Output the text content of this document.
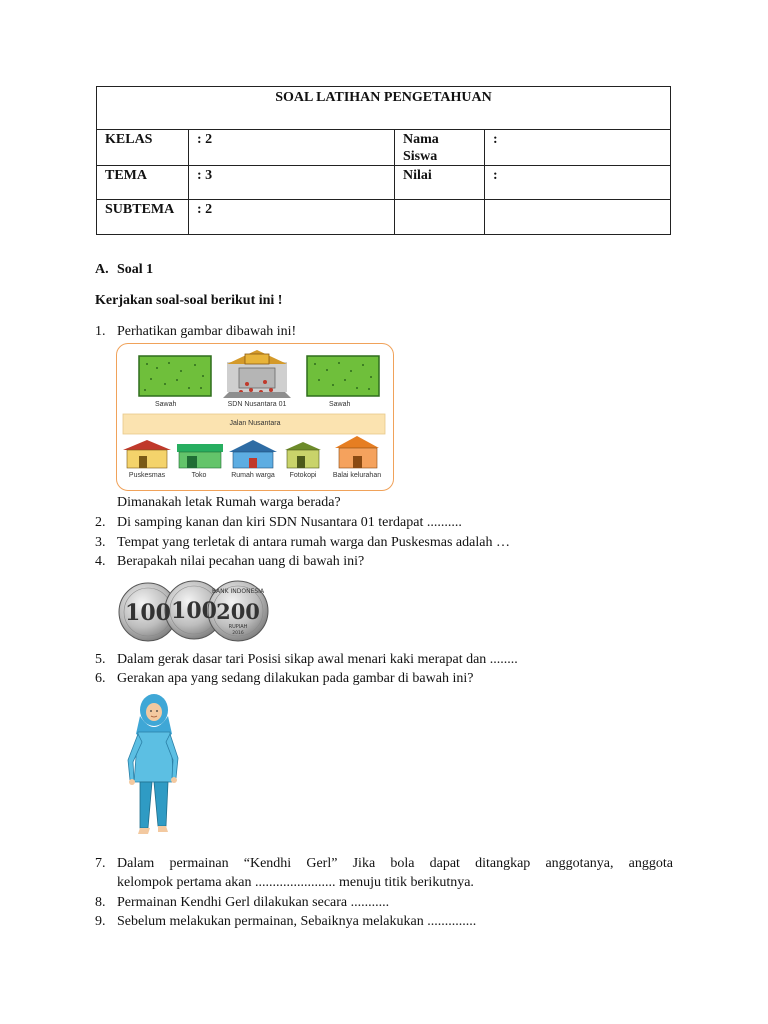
SOAL LATIHAN PENGETAHUAN			
KELAS	: 2	Nama Siswa	:
TEMA	: 3	Nilai	:
SUBTEMA	: 2		
A. Soal 1
Kerjakan soal-soal berikut ini !
1. Perhatikan gambar dibawah ini!
Sawah	SDN Nusantara 01	Sawah
Jalan Nusantara
Puskesmas	Toko	Rumah warga	Fotokopi	Balai kelurahan
Dimanakah letak Rumah warga berada?
2. Di samping kanan dan kiri SDN Nusantara 01 terdapat ..........
3. Tempat yang terletak di antara rumah warga dan Puskesmas adalah …
4. Berapakah nilai pecahan uang di bawah ini?
100 100 200
BANK INDONESIA
RUPIAH
2016
5. Dalam gerak dasar tari Posisi sikap awal menari kaki merapat dan ........
6. Gerakan apa yang sedang dilakukan pada gambar di bawah ini?
7. Dalam permainan “Kendhi Gerl” Jika bola dapat ditangkap anggotanya, anggota
kelompok pertama akan ....................... menuju titik berikutnya.
8. Permainan Kendhi Gerl dilakukan secara ...........
9. Sebelum melakukan permainan, Sebaiknya melakukan ..............
